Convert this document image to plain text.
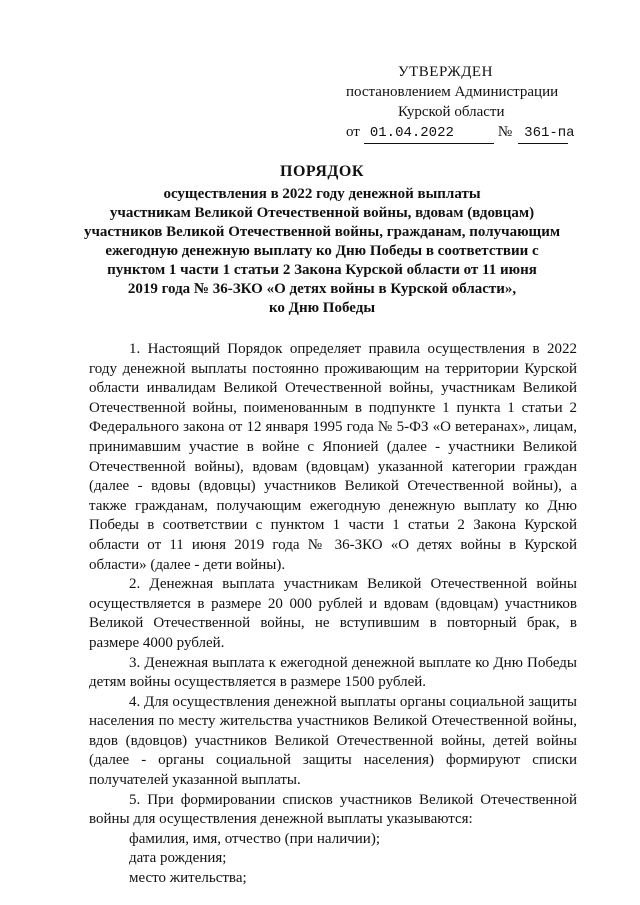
УТВЕРЖДЕН
постановлением Администрации
Курской области
от 01.04.2022	№ 361-па
ПОРЯДОК
осуществления в 2022 году денежной выплаты
участникам Великой Отечественной войны, вдовам (вдовцам)
участников Великой Отечественной войны, гражданам, получающим
ежегодную денежную выплату ко Дню Победы в соответствии с
пунктом 1 части 1 статьи 2 Закона Курской области от 11 июня
2019 года № 36-ЗКО «О детях войны в Курской области»,
ко Дню Победы

1. Настоящий Порядок определяет правила осуществления в 2022 году денежной выплаты постоянно проживающим на территории Курской области инвалидам Великой Отечественной войны, участникам Великой Отечественной войны, поименованным в подпункте 1 пункта 1 статьи 2 Федерального закона от 12 января 1995 года № 5-ФЗ «О ветеранах», лицам, принимавшим участие в войне с Японией (далее - участники Великой Отечественной войны), вдовам (вдовцам) указанной категории граждан (далее - вдовы (вдовцы) участников Великой Отечественной войны), а также гражданам, получающим ежегодную денежную выплату ко Дню Победы в соответствии с пунктом 1 части 1 статьи 2 Закона Курской области от 11 июня 2019 года № 36-ЗКО «О детях войны в Курской области» (далее - дети войны).

2. Денежная выплата участникам Великой Отечественной войны осуществляется в размере 20 000 рублей и вдовам (вдовцам) участников Великой Отечественной войны, не вступившим в повторный брак, в размере 4000 рублей.

3. Денежная выплата к ежегодной денежной выплате ко Дню Победы детям войны осуществляется в размере 1500 рублей.

4. Для осуществления денежной выплаты органы социальной защиты населения по месту жительства участников Великой Отечественной войны, вдов (вдовцов) участников Великой Отечественной войны, детей войны (далее - органы социальной защиты населения) формируют списки получателей указанной выплаты.

5. При формировании списков участников Великой Отечественной войны для осуществления денежной выплаты указываются:

фамилия, имя, отчество (при наличии);

дата рождения;

место жительства;
